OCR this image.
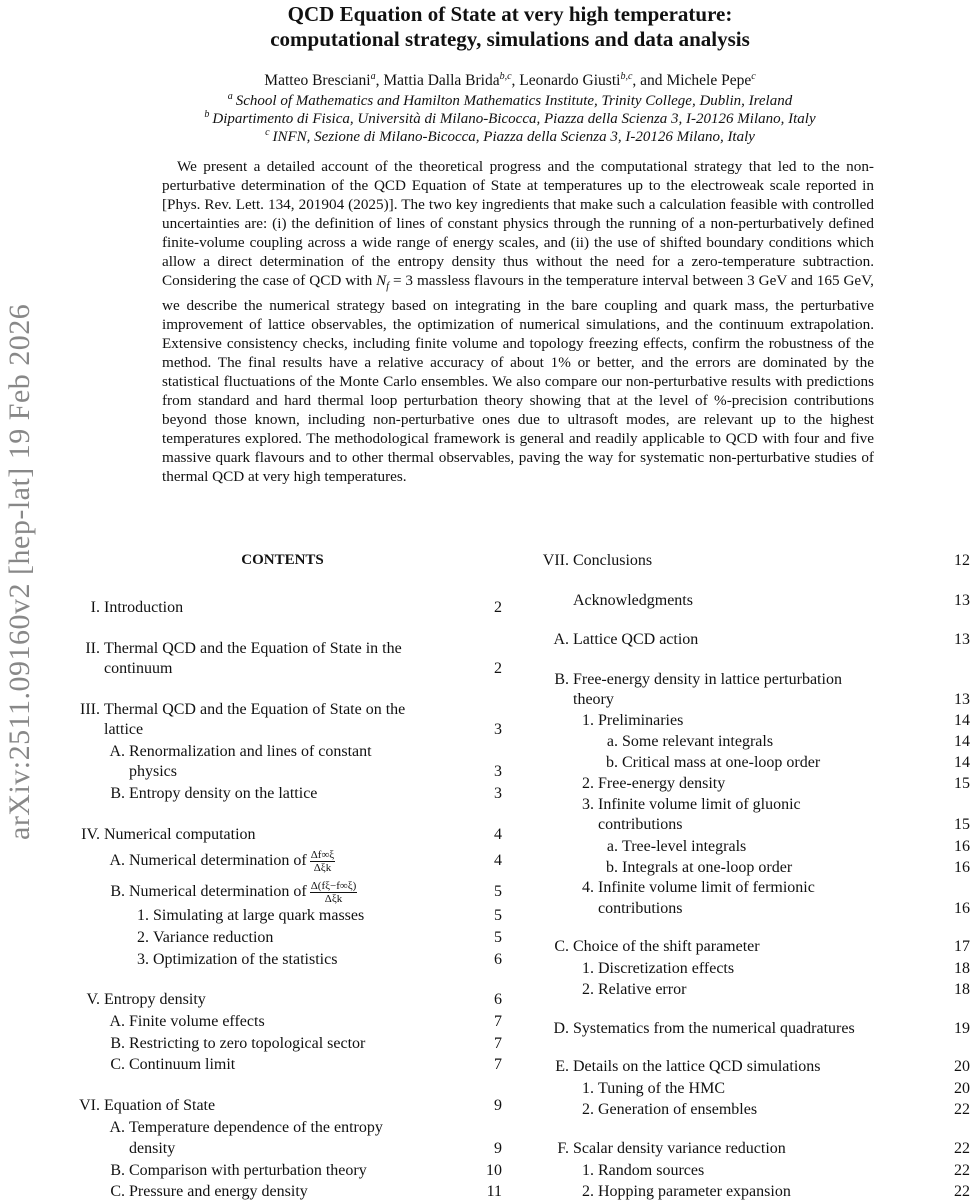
arXiv:2511.09160v2 [hep-lat] 19 Feb 2026
QCD Equation of State at very high temperature:
computational strategy, simulations and data analysis
Matteo Bresciani$^a$, Mattia Dalla Brida$^{b,c}$, Leonardo Giusti$^{b,c}$, and Michele Pepe$^c$
$^a$ School of Mathematics and Hamilton Mathematics Institute, Trinity College, Dublin, Ireland
$^b$ Dipartimento di Fisica, Università di Milano-Bicocca, Piazza della Scienza 3, I-20126 Milano, Italy
$^c$ INFN, Sezione di Milano-Bicocca, Piazza della Scienza 3, I-20126 Milano, Italy

We present a detailed account of the theoretical progress and the computational strategy that led to the non-perturbative determination of the QCD Equation of State at temperatures up to the electroweak scale reported in [Phys. Rev. Lett. 134, 201904 (2025)]. The two key ingredients that make such a calculation feasible with controlled uncertainties are: (i) the definition of lines of constant physics through the running of a non-perturbatively defined finite-volume coupling across a wide range of energy scales, and (ii) the use of shifted boundary conditions which allow a direct determination of the entropy density thus without the need for a zero-temperature subtraction. Considering the case of QCD with $N_f = 3$ massless flavours in the temperature interval between 3 GeV and 165 GeV, we describe the numerical strategy based on integrating in the bare coupling and quark mass, the perturbative improvement of lattice observables, the optimization of numerical simulations, and the continuum extrapolation. Extensive consistency checks, including finite volume and topology freezing effects, confirm the robustness of the method. The final results have a relative accuracy of about 1% or better, and the errors are dominated by the statistical fluctuations of the Monte Carlo ensembles. We also compare our non-perturbative results with predictions from standard and hard thermal loop perturbation theory showing that at the level of %-precision contributions beyond those known, including non-perturbative ones due to ultrasoft modes, are relevant up to the highest temperatures explored. The methodological framework is general and readily applicable to QCD with four and five massive quark flavours and to other thermal observables, paving the way for systematic non-perturbative studies of thermal QCD at very high temperatures.

CONTENTS
I. Introduction	2
II. Thermal QCD and the Equation of State in the
continuum	2
III. Thermal QCD and the Equation of State on the
lattice	3
A. Renormalization and lines of constant
physics	3
B. Entropy density on the lattice	3
IV. Numerical computation	4
A. Numerical determination of $\frac{\Delta f\infty\xi}{\text{Δξk}}$	4
B. Numerical determination of $\frac{\Delta(f\xi-f\infty\xi)}{\text{Δξk}}$	5
1. Simulating at large quark masses	5
2. Variance reduction	5
3. Optimization of the statistics	6
V. Entropy density	6
A. Finite volume effects	7
B. Restricting to zero topological sector	7
C. Continuum limit	7
VI. Equation of State	9
A. Temperature dependence of the entropy
density	9
B. Comparison with perturbation theory	10
C. Pressure and energy density	11
VII. Conclusions	12
Acknowledgments	13
A. Lattice QCD action	13
B. Free-energy density in lattice perturbation
theory	13
1. Preliminaries	14
a. Some relevant integrals	14
b. Critical mass at one-loop order	14
2. Free-energy density	15
3. Infinite volume limit of gluonic
contributions	15
a. Tree-level integrals	16
b. Integrals at one-loop order	16
4. Infinite volume limit of fermionic
contributions	16
C. Choice of the shift parameter	17
1. Discretization effects	18
2. Relative error	18
D. Systematics from the numerical quadratures	19
E. Details on the lattice QCD simulations	20
1. Tuning of the HMC	20
2. Generation of ensembles	22
F. Scalar density variance reduction	22
1. Random sources	22
2. Hopping parameter expansion	22
